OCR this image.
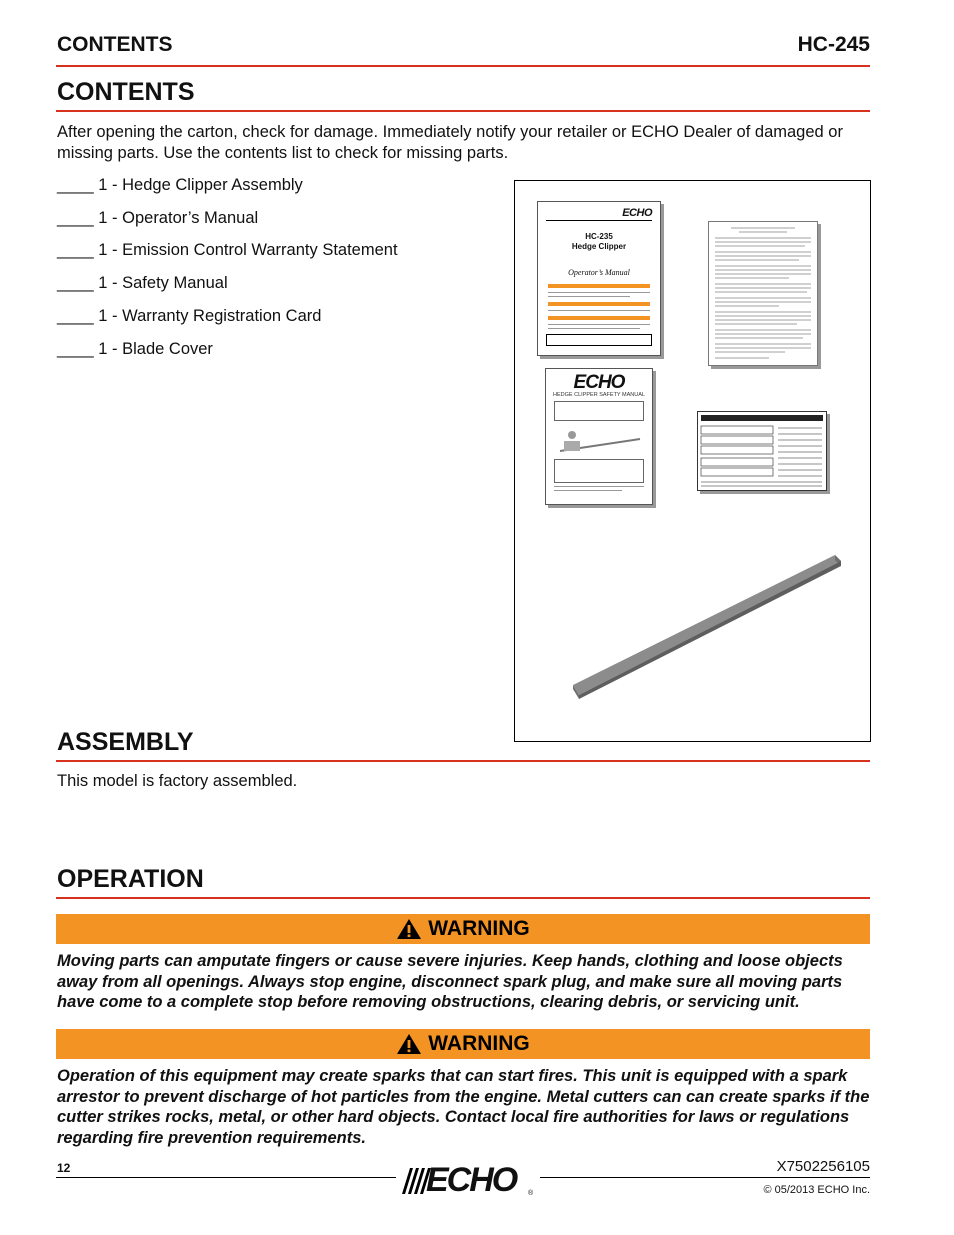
CONTENTS	HC-245
CONTENTS
After opening the carton, check for damage. Immediately notify your retailer or ECHO Dealer of damaged or missing parts. Use the contents list to check for missing parts.
____ 1 - Hedge Clipper Assembly
____ 1 - Operator’s Manual
____ 1 - Emission Control Warranty Statement
____ 1 - Safety Manual
____ 1 - Warranty Registration Card
____ 1 - Blade Cover
ECHO
HC-235
Hedge Clipper
Operator’s Manual
ECHO
HEDGE CLIPPER SAFETY MANUAL
ASSEMBLY
This model is factory assembled.
OPERATION
WARNING
Moving parts can amputate fingers or cause severe injuries. Keep hands, clothing and loose objects away from all openings. Always stop engine, disconnect spark plug, and make sure all moving parts have come to a complete stop before removing obstructions, clearing debris, or servicing unit.
WARNING
Operation of this equipment may create sparks that can start fires. This unit is equipped with a spark arrestor to prevent discharge of hot particles from the engine. Metal cutters can can create sparks if the cutter strikes rocks, metal, or other hard objects. Contact local fire authorities for laws or regulations regarding fire prevention requirements.
12	ECHO ®
X7502256105
© 05/2013 ECHO Inc.
